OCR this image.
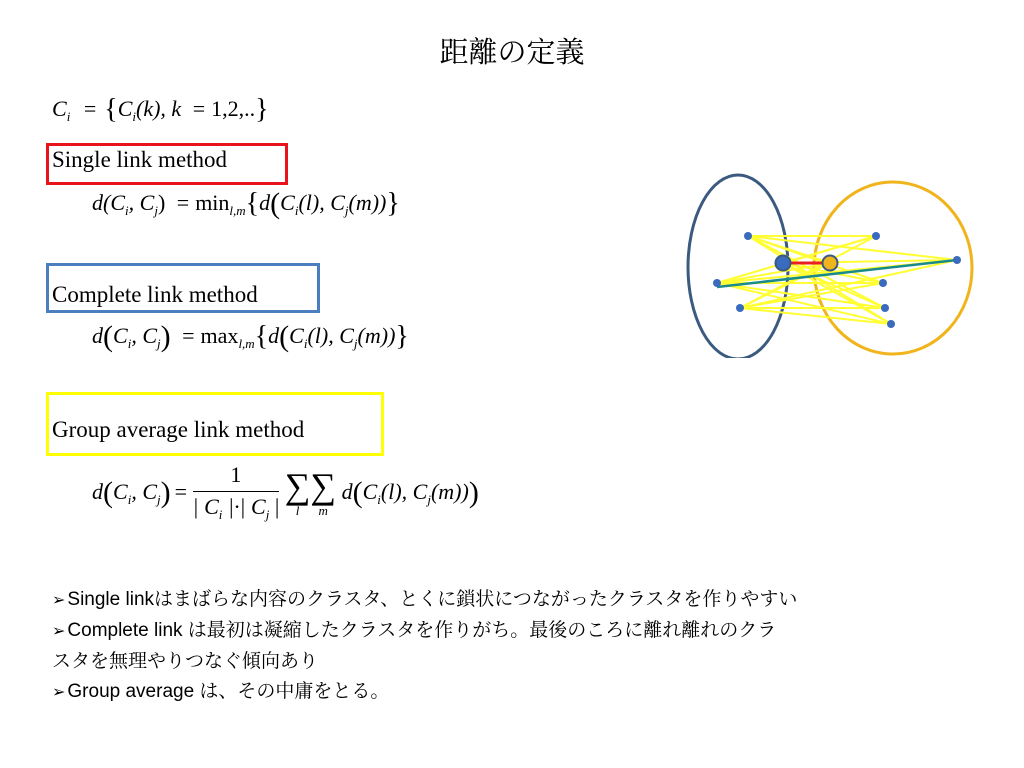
距離の定義
$C_i = \{C_i(k)$, k = 1,2,..}
Single link method
$d(C_i$, $C_j) = \min_{l,m}\{d(C_i(l)$, $C_j(m)$)}
Complete link method
$d(C_i$, $C_j) = \max_{l,m}\{d(C_i(l)$, $C_j(m)$)}
Group average link method
$d(C_i$, $C_j) = \frac{1}{| C_i |\cdot| C_j |}$ ∑
l
∑
m
$d(C_i(l)$, $C_j(m)$))
➢ Single linkはまばらな内容のクラスタ、とくに鎖状につながったクラスタを作りやすい
➢ Complete link は最初は凝縮したクラスタを作りがち。最後のころに離れ離れのクラ
スタを無理やりつなぐ傾向あり
➢ Group average は、その中庸をとる。
